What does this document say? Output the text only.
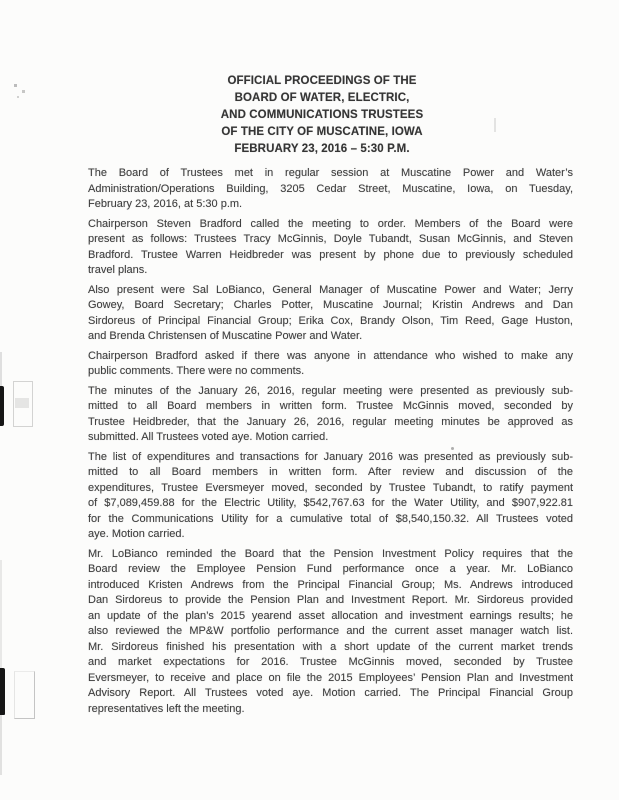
OFFICIAL PROCEEDINGS OF THE
BOARD OF WATER, ELECTRIC,
AND COMMUNICATIONS TRUSTEES
OF THE CITY OF MUSCATINE, IOWA
FEBRUARY 23, 2016 – 5:30 P.M.
The Board of Trustees met in regular session at Muscatine Power and Water’s
Administration/Operations Building, 3205 Cedar Street, Muscatine, Iowa, on Tuesday,
February 23, 2016, at 5:30 p.m.
Chairperson Steven Bradford called the meeting to order. Members of the Board were
present as follows: Trustees Tracy McGinnis, Doyle Tubandt, Susan McGinnis, and Steven
Bradford. Trustee Warren Heidbreder was present by phone due to previously scheduled
travel plans.
Also present were Sal LoBianco, General Manager of Muscatine Power and Water; Jerry
Gowey, Board Secretary; Charles Potter, Muscatine Journal; Kristin Andrews and Dan
Sirdoreus of Principal Financial Group; Erika Cox, Brandy Olson, Tim Reed, Gage Huston,
and Brenda Christensen of Muscatine Power and Water.
Chairperson Bradford asked if there was anyone in attendance who wished to make any
public comments. There were no comments.
The minutes of the January 26, 2016, regular meeting were presented as previously sub-
mitted to all Board members in written form. Trustee McGinnis moved, seconded by
Trustee Heidbreder, that the January 26, 2016, regular meeting minutes be approved as
submitted. All Trustees voted aye. Motion carried.
The list of expenditures and transactions for January 2016 was presented as previously sub-
mitted to all Board members in written form. After review and discussion of the
expenditures, Trustee Eversmeyer moved, seconded by Trustee Tubandt, to ratify payment
of $7,089,459.88 for the Electric Utility, $542,767.63 for the Water Utility, and $907,922.81
for the Communications Utility for a cumulative total of $8,540,150.32. All Trustees voted
aye. Motion carried.
Mr. LoBianco reminded the Board that the Pension Investment Policy requires that the
Board review the Employee Pension Fund performance once a year. Mr. LoBianco
introduced Kristen Andrews from the Principal Financial Group; Ms. Andrews introduced
Dan Sirdoreus to provide the Pension Plan and Investment Report. Mr. Sirdoreus provided
an update of the plan’s 2015 yearend asset allocation and investment earnings results; he
also reviewed the MP&W portfolio performance and the current asset manager watch list.
Mr. Sirdoreus finished his presentation with a short update of the current market trends
and market expectations for 2016. Trustee McGinnis moved, seconded by Trustee
Eversmeyer, to receive and place on file the 2015 Employees’ Pension Plan and Investment
Advisory Report. All Trustees voted aye. Motion carried. The Principal Financial Group
representatives left the meeting.
